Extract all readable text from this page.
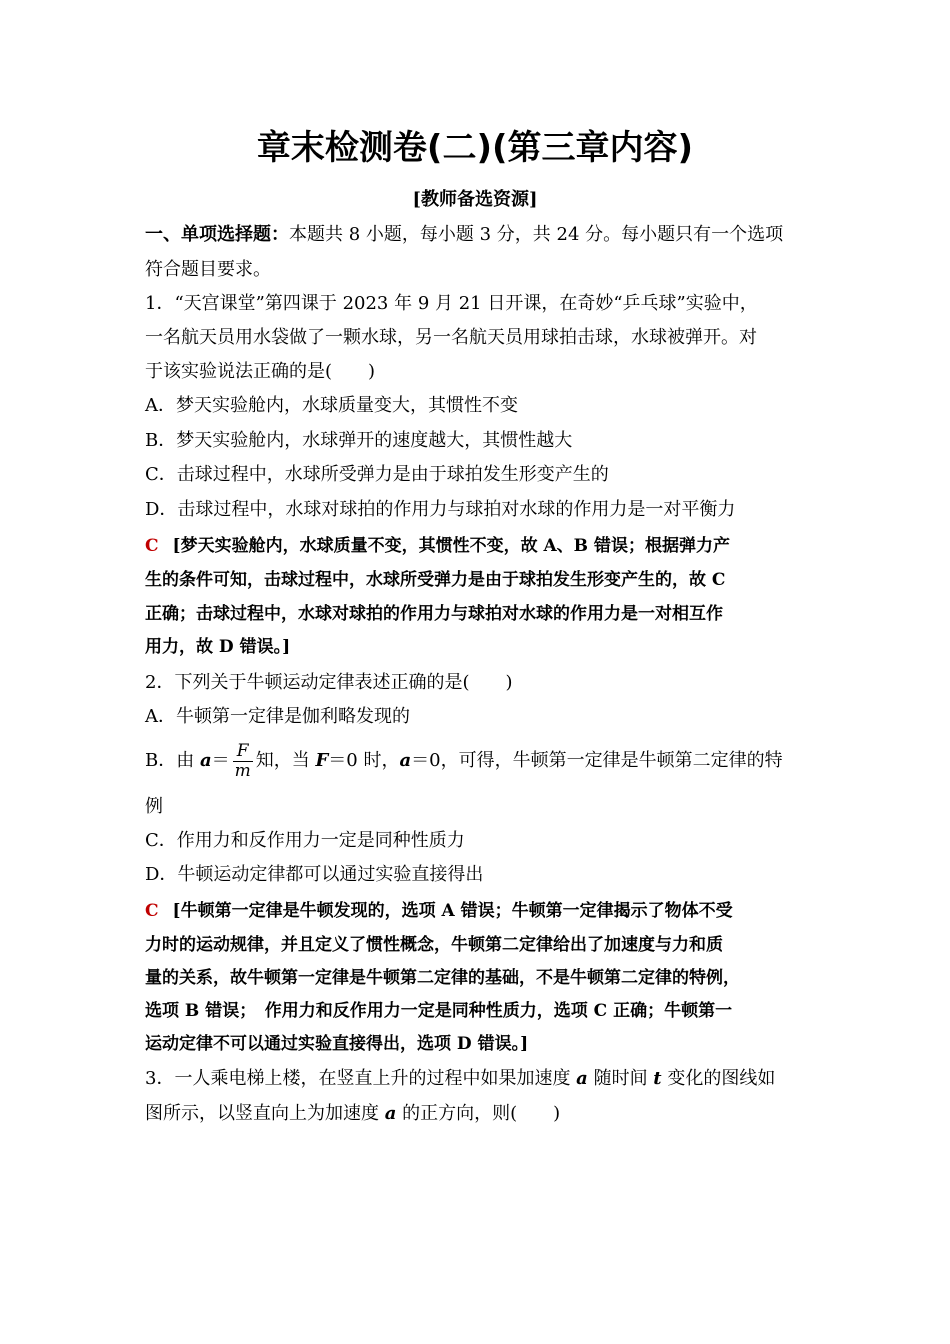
章末检测卷(二)(第三章内容)
[教师备选资源]
一、单项选择题：本题共 8 小题，每小题 3 分，共 24 分。每小题只有一个选项
符合题目要求。
1．“天宫课堂”第四课于 2023 年 9 月 21 日开课，在奇妙“乒乓球”实验中，
一名航天员用水袋做了一颗水球，另一名航天员用球拍击球，水球被弹开。对
于该实验说法正确的是(　　)
A．梦天实验舱内，水球质量变大，其惯性不变
B．梦天实验舱内，水球弹开的速度越大，其惯性越大
C．击球过程中，水球所受弹力是由于球拍发生形变产生的
D．击球过程中，水球对球拍的作用力与球拍对水球的作用力是一对平衡力
C [梦天实验舱内，水球质量不变，其惯性不变，故 A、B 错误；根据弹力产
生的条件可知，击球过程中，水球所受弹力是由于球拍发生形变产生的，故 C
正确；击球过程中，水球对球拍的作用力与球拍对水球的作用力是一对相互作
用力，故 D 错误。]
2．下列关于牛顿运动定律表述正确的是(　　)
A．牛顿第一定律是伽利略发现的
B．由 $a= \frac{F}{m}$ 知，当 F＝0 时，a＝0，可得，牛顿第一定律是牛顿第二定律的特
例
C．作用力和反作用力一定是同种性质力
D．牛顿运动定律都可以通过实验直接得出
C [牛顿第一定律是牛顿发现的，选项 A 错误；牛顿第一定律揭示了物体不受
力时的运动规律，并且定义了惯性概念，牛顿第二定律给出了加速度与力和质
量的关系，故牛顿第一定律是牛顿第二定律的基础，不是牛顿第二定律的特例，
选项 B 错误；　作用力和反作用力一定是同种性质力，选项 C 正确；牛顿第一
运动定律不可以通过实验直接得出，选项 D 错误。]
3．一人乘电梯上楼，在竖直上升的过程中如果加速度 a 随时间 t 变化的图线如
图所示，以竖直向上为加速度 a 的正方向，则(　　)
